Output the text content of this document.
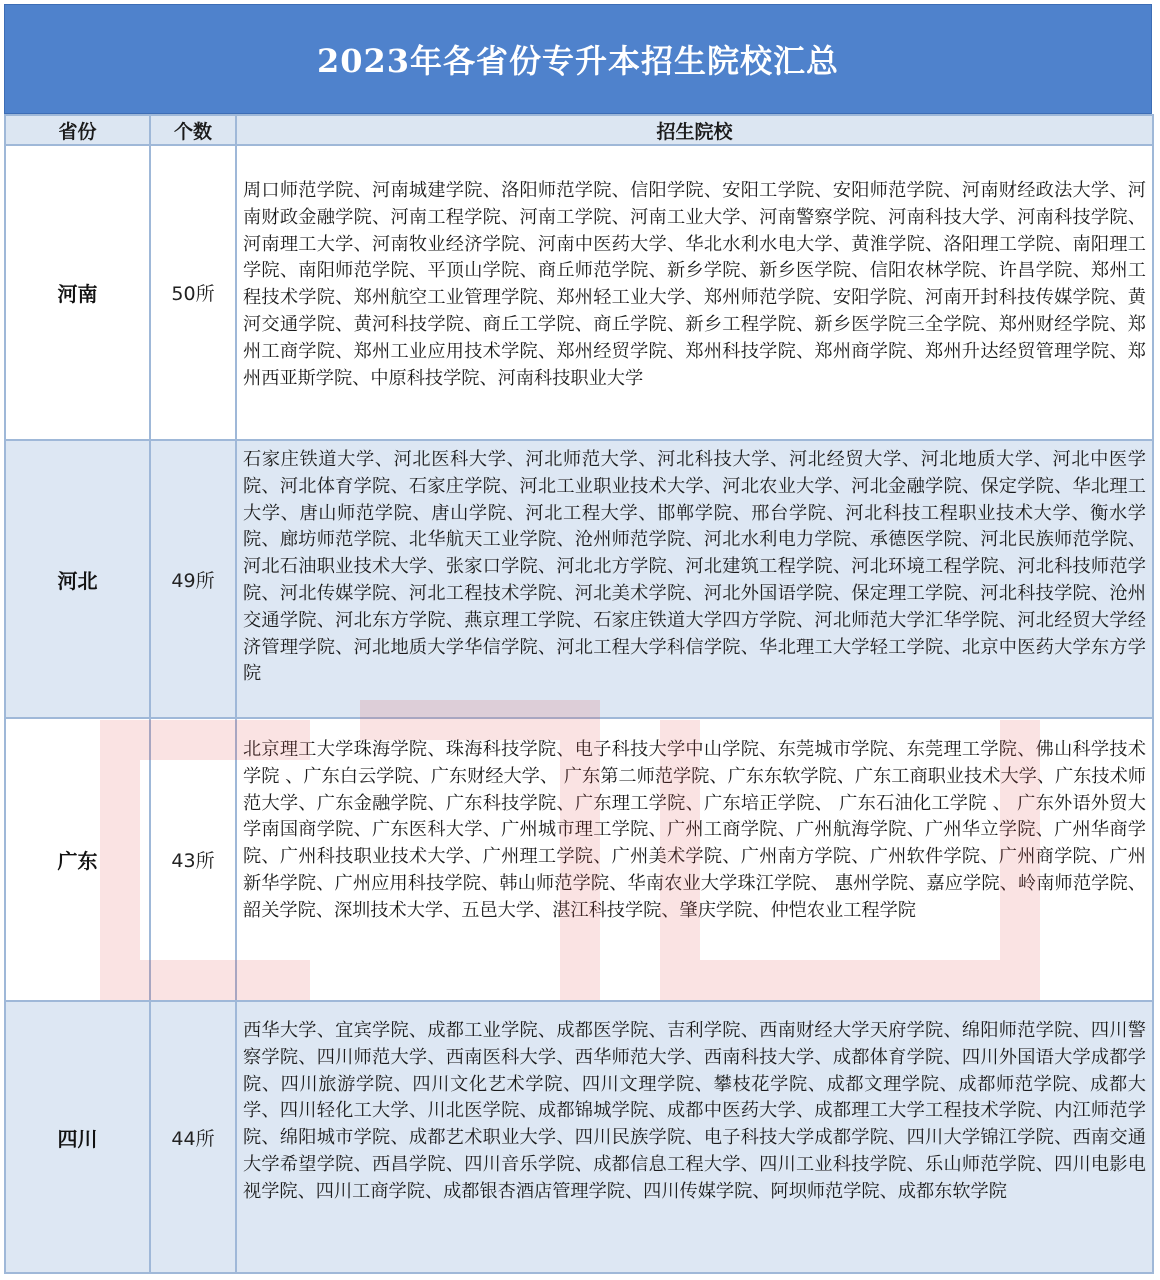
2023年各省份专升本招生院校汇总
省份	个数	招生院校
河南	50所	周口师范学院、河南城建学院、洛阳师范学院、信阳学院、安阳工学院、安阳师范学院、河南财经政法大学、河南财政金融学院、河南工程学院、河南工学院、河南工业大学、河南警察学院、河南科技大学、河南科技学院、河南理工大学、河南牧业经济学院、河南中医药大学、华北水利水电大学、黄淮学院、洛阳理工学院、南阳理工学院、南阳师范学院、平顶山学院、商丘师范学院、新乡学院、新乡医学院、信阳农林学院、许昌学院、郑州工程技术学院、郑州航空工业管理学院、郑州轻工业大学、郑州师范学院、安阳学院、河南开封科技传媒学院、黄河交通学院、黄河科技学院、商丘工学院、商丘学院、新乡工程学院、新乡医学院三全学院、郑州财经学院、郑州工商学院、郑州工业应用技术学院、郑州经贸学院、郑州科技学院、郑州商学院、郑州升达经贸管理学院、郑州西亚斯学院、中原科技学院、河南科技职业大学
河北	49所	石家庄铁道大学、河北医科大学、河北师范大学、河北科技大学、河北经贸大学、河北地质大学、河北中医学院、河北体育学院、石家庄学院、河北工业职业技术大学、河北农业大学、河北金融学院、保定学院、华北理工大学、唐山师范学院、唐山学院、河北工程大学、邯郸学院、邢台学院、河北科技工程职业技术大学、衡水学院、廊坊师范学院、北华航天工业学院、沧州师范学院、河北水利电力学院、承德医学院、河北民族师范学院、河北石油职业技术大学、张家口学院、河北北方学院、河北建筑工程学院、河北环境工程学院、河北科技师范学院、河北传媒学院、河北工程技术学院、河北美术学院、河北外国语学院、保定理工学院、河北科技学院、沧州交通学院、河北东方学院、燕京理工学院、石家庄铁道大学四方学院、河北师范大学汇华学院、河北经贸大学经济管理学院、河北地质大学华信学院、河北工程大学科信学院、华北理工大学轻工学院、北京中医药大学东方学院
广东	43所	北京理工大学珠海学院、珠海科技学院、电子科技大学中山学院、东莞城市学院、东莞理工学院、佛山科学技术学院 、广东白云学院、广东财经大学、 广东第二师范学院、广东东软学院、广东工商职业技术大学、广东技术师范大学、广东金融学院、广东科技学院、广东理工学院、广东培正学院、 广东石油化工学院 、 广东外语外贸大学南国商学院、广东医科大学、广州城市理工学院、广州工商学院、广州航海学院、广州华立学院、广州华商学院、广州科技职业技术大学、广州理工学院、广州美术学院、广州南方学院、广州软件学院、广州商学院、广州新华学院、广州应用科技学院、韩山师范学院、华南农业大学珠江学院、 惠州学院、嘉应学院、岭南师范学院、韶关学院、深圳技术大学、五邑大学、湛江科技学院、肇庆学院、仲恺农业工程学院
四川	44所	西华大学、宜宾学院、成都工业学院、成都医学院、吉利学院、西南财经大学天府学院、绵阳师范学院、四川警察学院、四川师范大学、西南医科大学、西华师范大学、西南科技大学、成都体育学院、四川外国语大学成都学院、四川旅游学院、四川文化艺术学院、四川文理学院、攀枝花学院、成都文理学院、成都师范学院、成都大学、四川轻化工大学、川北医学院、成都锦城学院、成都中医药大学、成都理工大学工程技术学院、内江师范学院、绵阳城市学院、成都艺术职业大学、四川民族学院、电子科技大学成都学院、四川大学锦江学院、西南交通大学希望学院、西昌学院、四川音乐学院、成都信息工程大学、四川工业科技学院、乐山师范学院、四川电影电视学院、四川工商学院、成都银杏酒店管理学院、四川传媒学院、阿坝师范学院、成都东软学院
